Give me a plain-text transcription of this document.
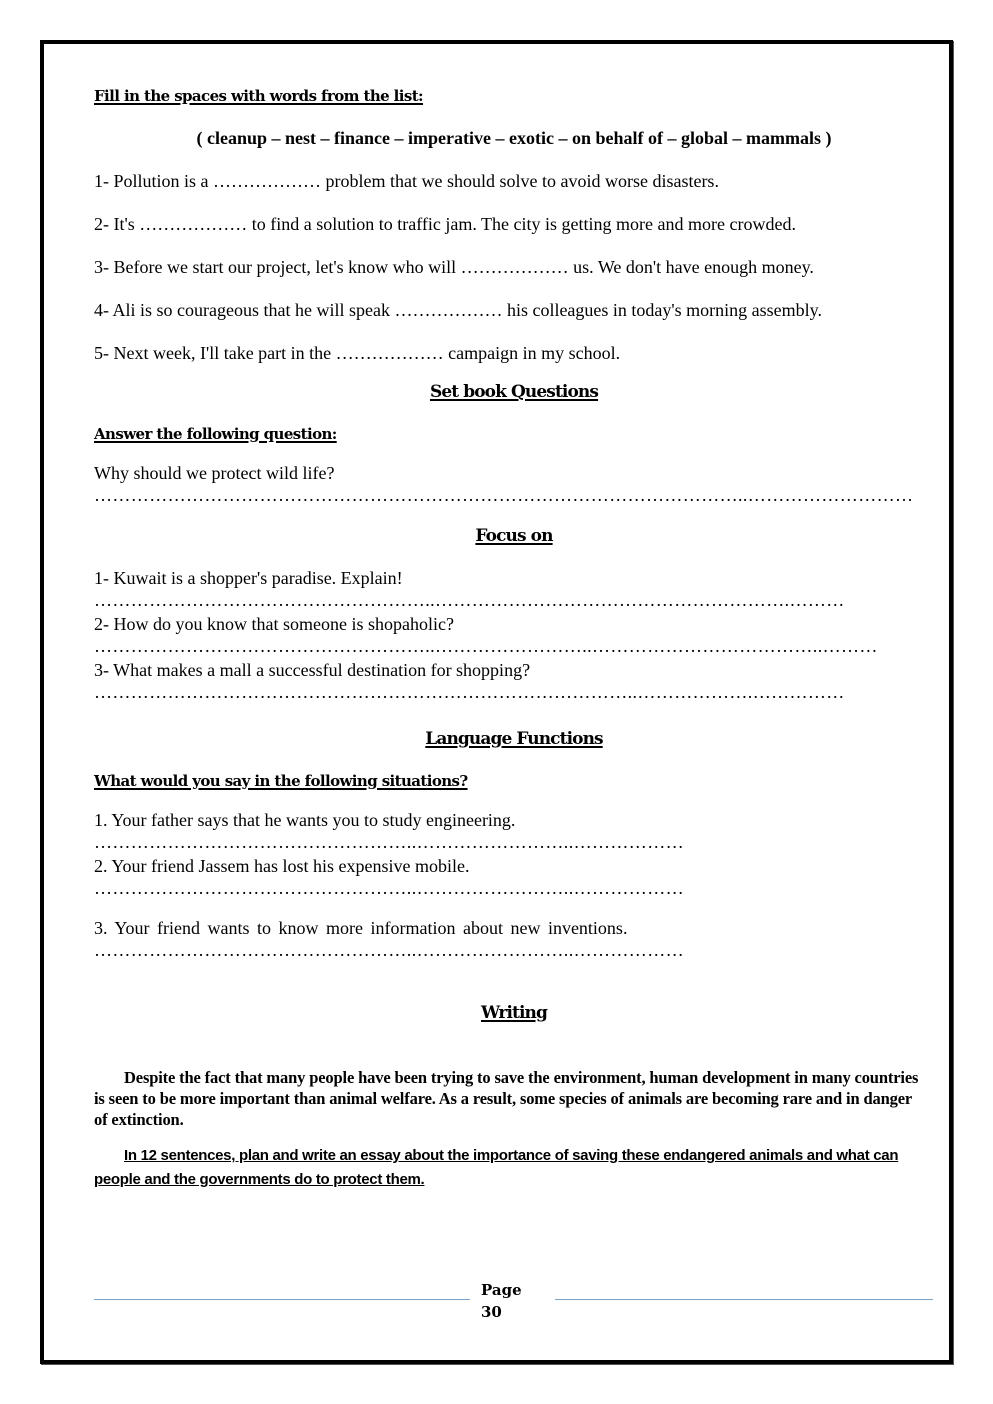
Fill in the spaces with words from the list:
( cleanup – nest – finance – imperative – exotic – on behalf of – global – mammals )
1- Pollution is a ……………… problem that we should solve to avoid worse disasters.
2- It's ……………… to find a solution to traffic jam. The city is getting more and more crowded.
3- Before we start our project, let's know who will ……………… us. We don't have enough money.
4- Ali is so courageous that he will speak ……………… his colleagues in today's morning assembly.
5- Next week, I'll take part in the ……………… campaign in my school.
Set book Questions
Answer the following question:
Why should we protect wild life?
……………………………………………………………………………………………..………………………
Focus on
1- Kuwait is a shopper's paradise. Explain!
………………………………………………..………………………………………………….………
2- How do you know that someone is shopaholic?
………………………………………………..……………………..………………………………..………
3- What makes a mall a successful destination for shopping?
……………………………………………………………………………..……………….……………
Language Functions
What would you say in the following situations?
1. Your father says that he wants you to study engineering.
……………………………………………..……………………..………………
2. Your friend Jassem has lost his expensive mobile.
……………………………………………..……………………..………………
3. Your friend wants to know more information about new inventions.
……………………………………………..……………………..………………
Writing
Despite the fact that many people have been trying to save the environment, human development in many countries is seen to be more important than animal welfare. As a result, some species of animals are becoming rare and in danger of extinction.
In 12 sentences, plan and write an essay about the importance of saving these endangered animals and what can people and the governments do to protect them.
Page
30
